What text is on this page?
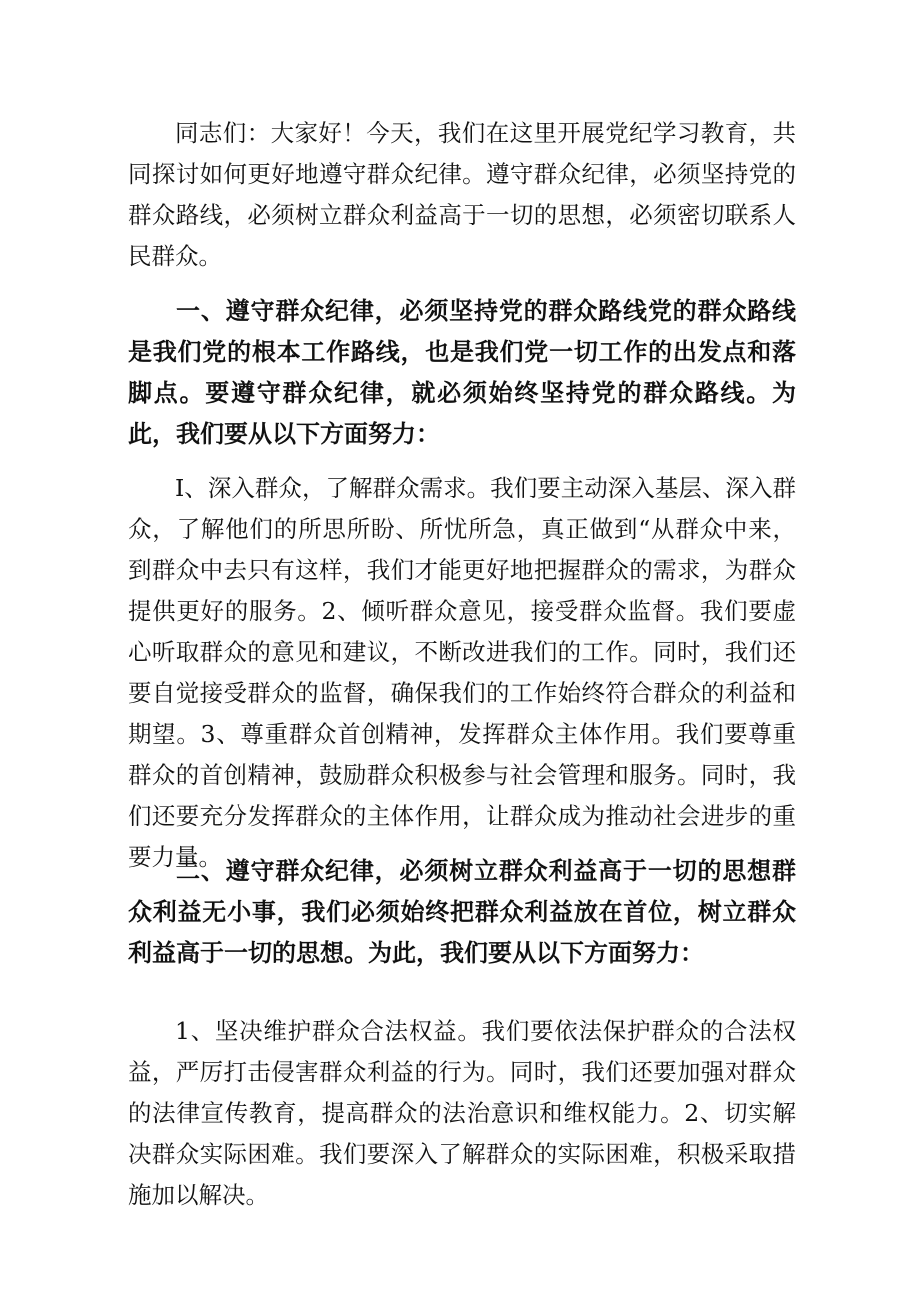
同志们：大家好！今天，我们在这里开展党纪学习教育，共同探讨如何更好地遵守群众纪律。遵守群众纪律，必须坚持党的群众路线，必须树立群众利益高于一切的思想，必须密切联系人民群众。

一、遵守群众纪律，必须坚持党的群众路线党的群众路线是我们党的根本工作路线，也是我们党一切工作的出发点和落脚点。要遵守群众纪律，就必须始终坚持党的群众路线。为此，我们要从以下方面努力：

I、深入群众，了解群众需求。我们要主动深入基层、深入群众，了解他们的所思所盼、所忧所急，真正做到“从群众中来，到群众中去只有这样，我们才能更好地把握群众的需求，为群众提供更好的服务。2、倾听群众意见，接受群众监督。我们要虚心听取群众的意见和建议，不断改进我们的工作。同时，我们还要自觉接受群众的监督，确保我们的工作始终符合群众的利益和期望。3、尊重群众首创精神，发挥群众主体作用。我们要尊重群众的首创精神，鼓励群众积极参与社会管理和服务。同时，我们还要充分发挥群众的主体作用，让群众成为推动社会进步的重要力量。

二、遵守群众纪律，必须树立群众利益高于一切的思想群众利益无小事，我们必须始终把群众利益放在首位，树立群众利益高于一切的思想。为此，我们要从以下方面努力：

1、坚决维护群众合法权益。我们要依法保护群众的合法权益，严厉打击侵害群众利益的行为。同时，我们还要加强对群众的法律宣传教育，提高群众的法治意识和维权能力。2、切实解决群众实际困难。我们要深入了解群众的实际困难，积极采取措施加以解决。
